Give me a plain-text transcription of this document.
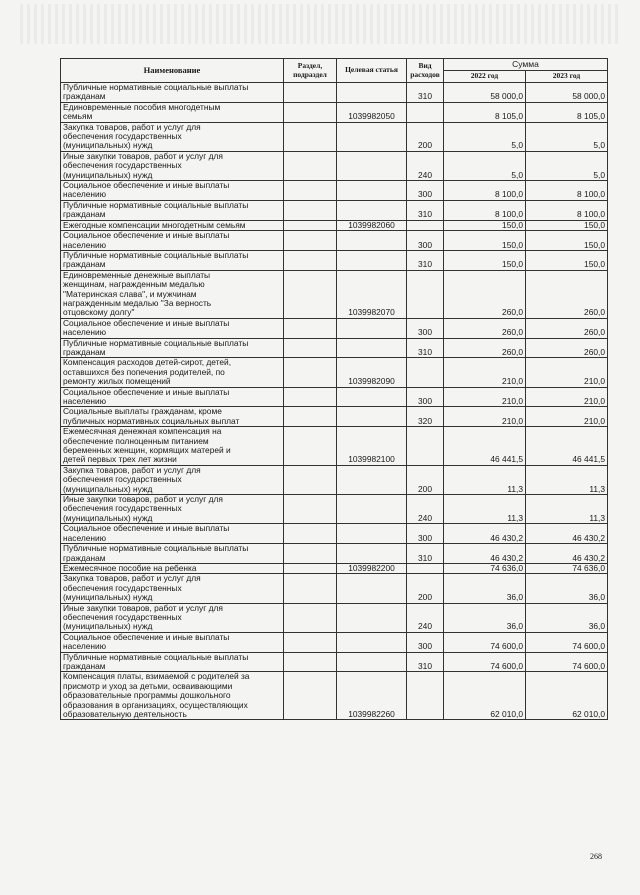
Наименование	Раздел, подраздел	Целевая статья	Вид расходов	Сумма	
				2022 год	2023 год

Публичные нормативные социальные выплаты
гражданам			310	58 000,0	58 000,0

Единовременные пособия многодетным
семьям		1039982050		8 105,0	8 105,0

Закупка товаров, работ и услуг для
обеспечения государственных
(муниципальных) нужд			200	5,0	5,0

Иные закупки товаров, работ и услуг для
обеспечения государственных
(муниципальных) нужд			240	5,0	5,0

Социальное обеспечение и иные выплаты
населению			300	8 100,0	8 100,0

Публичные нормативные социальные выплаты
гражданам			310	8 100,0	8 100,0

Ежегодные компенсации многодетным семьям		1039982060		150,0	150,0

Социальное обеспечение и иные выплаты
населению			300	150,0	150,0

Публичные нормативные социальные выплаты
гражданам			310	150,0	150,0

Единовременные денежные выплаты
женщинам, награжденным медалью
"Материнская слава", и мужчинам
награжденным медалью "За верность
отцовскому долгу"		1039982070		260,0	260,0

Социальное обеспечение и иные выплаты
населению			300	260,0	260,0

Публичные нормативные социальные выплаты
гражданам			310	260,0	260,0

Компенсация расходов детей-сирот, детей,
оставшихся без попечения родителей, по
ремонту жилых помещений		1039982090		210,0	210,0

Социальное обеспечение и иные выплаты
населению			300	210,0	210,0

Социальные выплаты гражданам, кроме
публичных нормативных социальных выплат			320	210,0	210,0

Ежемесячная денежная компенсация на
обеспечение полноценным питанием
беременных женщин, кормящих матерей и
детей первых трех лет жизни		1039982100		46 441,5	46 441,5

Закупка товаров, работ и услуг для
обеспечения государственных
(муниципальных) нужд			200	11,3	11,3

Иные закупки товаров, работ и услуг для
обеспечения государственных
(муниципальных) нужд			240	11,3	11,3

Социальное обеспечение и иные выплаты
населению			300	46 430,2	46 430,2

Публичные нормативные социальные выплаты
гражданам			310	46 430,2	46 430,2

Ежемесячное пособие на ребенка		1039982200		74 636,0	74 636,0

Закупка товаров, работ и услуг для
обеспечения государственных
(муниципальных) нужд			200	36,0	36,0

Иные закупки товаров, работ и услуг для
обеспечения государственных
(муниципальных) нужд			240	36,0	36,0

Социальное обеспечение и иные выплаты
населению			300	74 600,0	74 600,0

Публичные нормативные социальные выплаты
гражданам			310	74 600,0	74 600,0

Компенсация платы, взимаемой с родителей за
присмотр и уход за детьми, осваивающими
образовательные программы дошкольного
образования в организациях, осуществляющих
образовательную деятельность		1039982260		62 010,0	62 010,0
268
